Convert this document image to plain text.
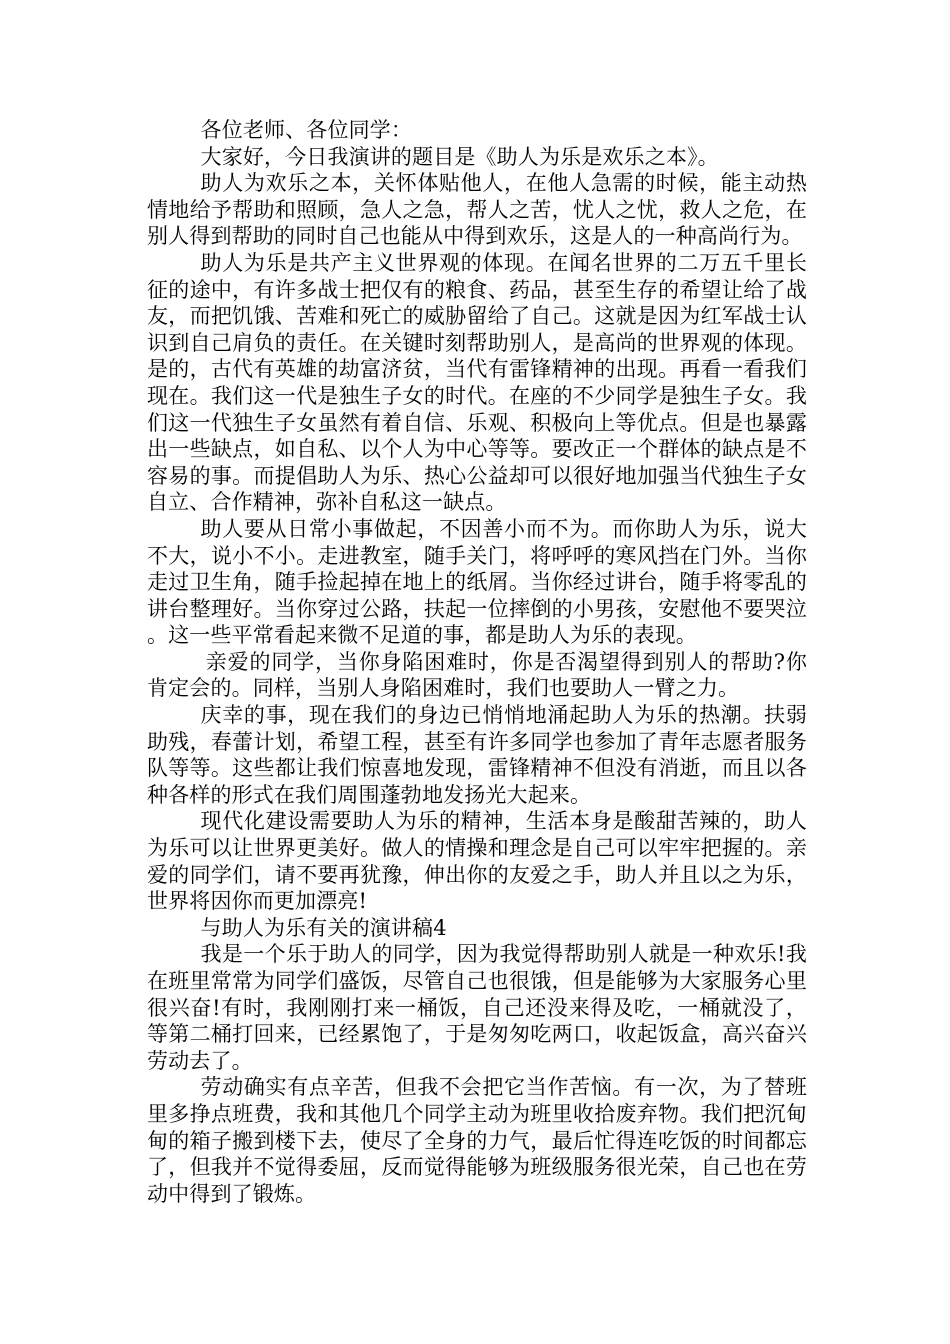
各位老师、各位同学：

大家好，今日我演讲的题目是《助人为乐是欢乐之本》。

助人为欢乐之本，关怀体贴他人，在他人急需的时候，能主动热情地给予帮助和照顾，急人之急，帮人之苦，忧人之忧，救人之危，在别人得到帮助的同时自己也能从中得到欢乐，这是人的一种高尚行为。

助人为乐是共产主义世界观的体现。在闻名世界的二万五千里长征的途中，有许多战士把仅有的粮食、药品，甚至生存的希望让给了战友，而把饥饿、苦难和死亡的威胁留给了自己。这就是因为红军战士认识到自己肩负的责任。在关键时刻帮助别人，是高尚的世界观的体现。是的，古代有英雄的劫富济贫，当代有雷锋精神的出现。再看一看我们现在。我们这一代是独生子女的时代。在座的不少同学是独生子女。我们这一代独生子女虽然有着自信、乐观、积极向上等优点。但是也暴露出一些缺点，如自私、以个人为中心等等。要改正一个群体的缺点是不容易的事。而提倡助人为乐、热心公益却可以很好地加强当代独生子女自立、合作精神，弥补自私这一缺点。

助人要从日常小事做起，不因善小而不为。而你助人为乐，说大不大，说小不小。走进教室，随手关门，将呼呼的寒风挡在门外。当你走过卫生角，随手捡起掉在地上的纸屑。当你经过讲台，随手将零乱的讲台整理好。当你穿过公路，扶起一位摔倒的小男孩，安慰他不要哭泣。这一些平常看起来微不足道的事，都是助人为乐的表现。

亲爱的同学，当你身陷困难时，你是否渴望得到别人的帮助?你肯定会的。同样，当别人身陷困难时，我们也要助人一臂之力。

庆幸的事，现在我们的身边已悄悄地涌起助人为乐的热潮。扶弱助残，春蕾计划，希望工程，甚至有许多同学也参加了青年志愿者服务队等等。这些都让我们惊喜地发现，雷锋精神不但没有消逝，而且以各种各样的形式在我们周围蓬勃地发扬光大起来。

现代化建设需要助人为乐的精神，生活本身是酸甜苦辣的，助人为乐可以让世界更美好。做人的情操和理念是自己可以牢牢把握的。亲爱的同学们，请不要再犹豫，伸出你的友爱之手，助人并且以之为乐，世界将因你而更加漂亮!

与助人为乐有关的演讲稿4

我是一个乐于助人的同学，因为我觉得帮助别人就是一种欢乐!我在班里常常为同学们盛饭，尽管自己也很饿，但是能够为大家服务心里很兴奋!有时，我刚刚打来一桶饭，自己还没来得及吃，一桶就没了，等第二桶打回来，已经累饱了，于是匆匆吃两口，收起饭盒，高兴奋兴劳动去了。

劳动确实有点辛苦，但我不会把它当作苦恼。有一次，为了替班里多挣点班费，我和其他几个同学主动为班里收拾废弃物。我们把沉甸甸的箱子搬到楼下去，使尽了全身的力气，最后忙得连吃饭的时间都忘了，但我并不觉得委屈，反而觉得能够为班级服务很光荣，自己也在劳动中得到了锻炼。
